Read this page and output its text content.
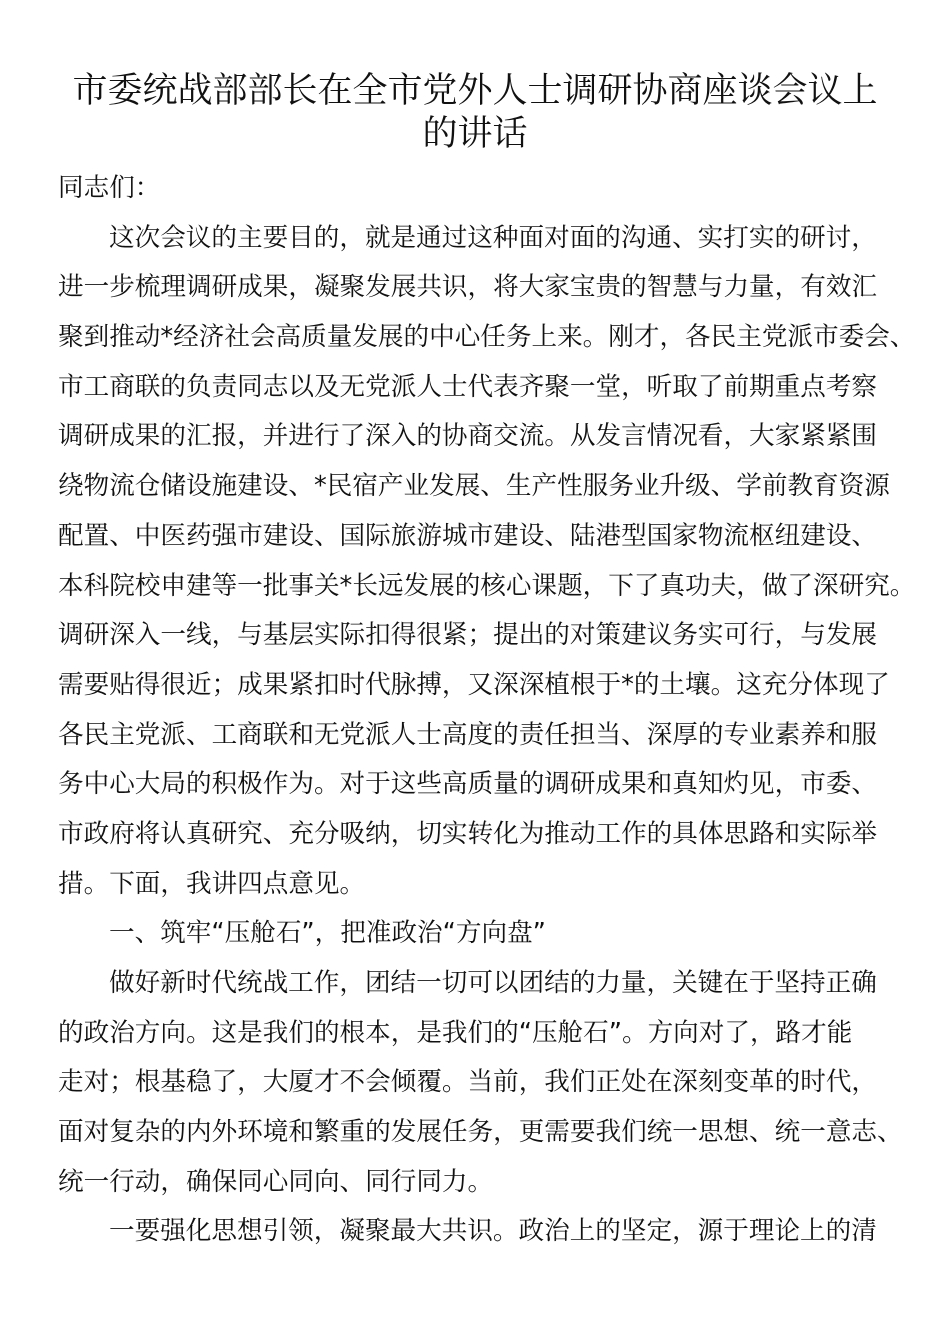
市委统战部部长在全市党外人士调研协商座谈会议上
的讲话
同志们：
这次会议的主要目的，就是通过这种面对面的沟通、实打实的研讨，
进一步梳理调研成果，凝聚发展共识，将大家宝贵的智慧与力量，有效汇
聚到推动*经济社会高质量发展的中心任务上来。刚才，各民主党派市委会、
市工商联的负责同志以及无党派人士代表齐聚一堂，听取了前期重点考察
调研成果的汇报，并进行了深入的协商交流。从发言情况看，大家紧紧围
绕物流仓储设施建设、*民宿产业发展、生产性服务业升级、学前教育资源
配置、中医药强市建设、国际旅游城市建设、陆港型国家物流枢纽建设、
本科院校申建等一批事关*长远发展的核心课题，下了真功夫，做了深研究。
调研深入一线，与基层实际扣得很紧；提出的对策建议务实可行，与发展
需要贴得很近；成果紧扣时代脉搏，又深深植根于*的土壤。这充分体现了
各民主党派、工商联和无党派人士高度的责任担当、深厚的专业素养和服
务中心大局的积极作为。对于这些高质量的调研成果和真知灼见，市委、
市政府将认真研究、充分吸纳，切实转化为推动工作的具体思路和实际举
措。下面，我讲四点意见。
一、筑牢“压舱石”，把准政治“方向盘”
做好新时代统战工作，团结一切可以团结的力量，关键在于坚持正确
的政治方向。这是我们的根本，是我们的“压舱石”。方向对了，路才能
走对；根基稳了，大厦才不会倾覆。当前，我们正处在深刻变革的时代，
面对复杂的内外环境和繁重的发展任务，更需要我们统一思想、统一意志、
统一行动，确保同心同向、同行同力。
一要强化思想引领，凝聚最大共识。政治上的坚定，源于理论上的清
